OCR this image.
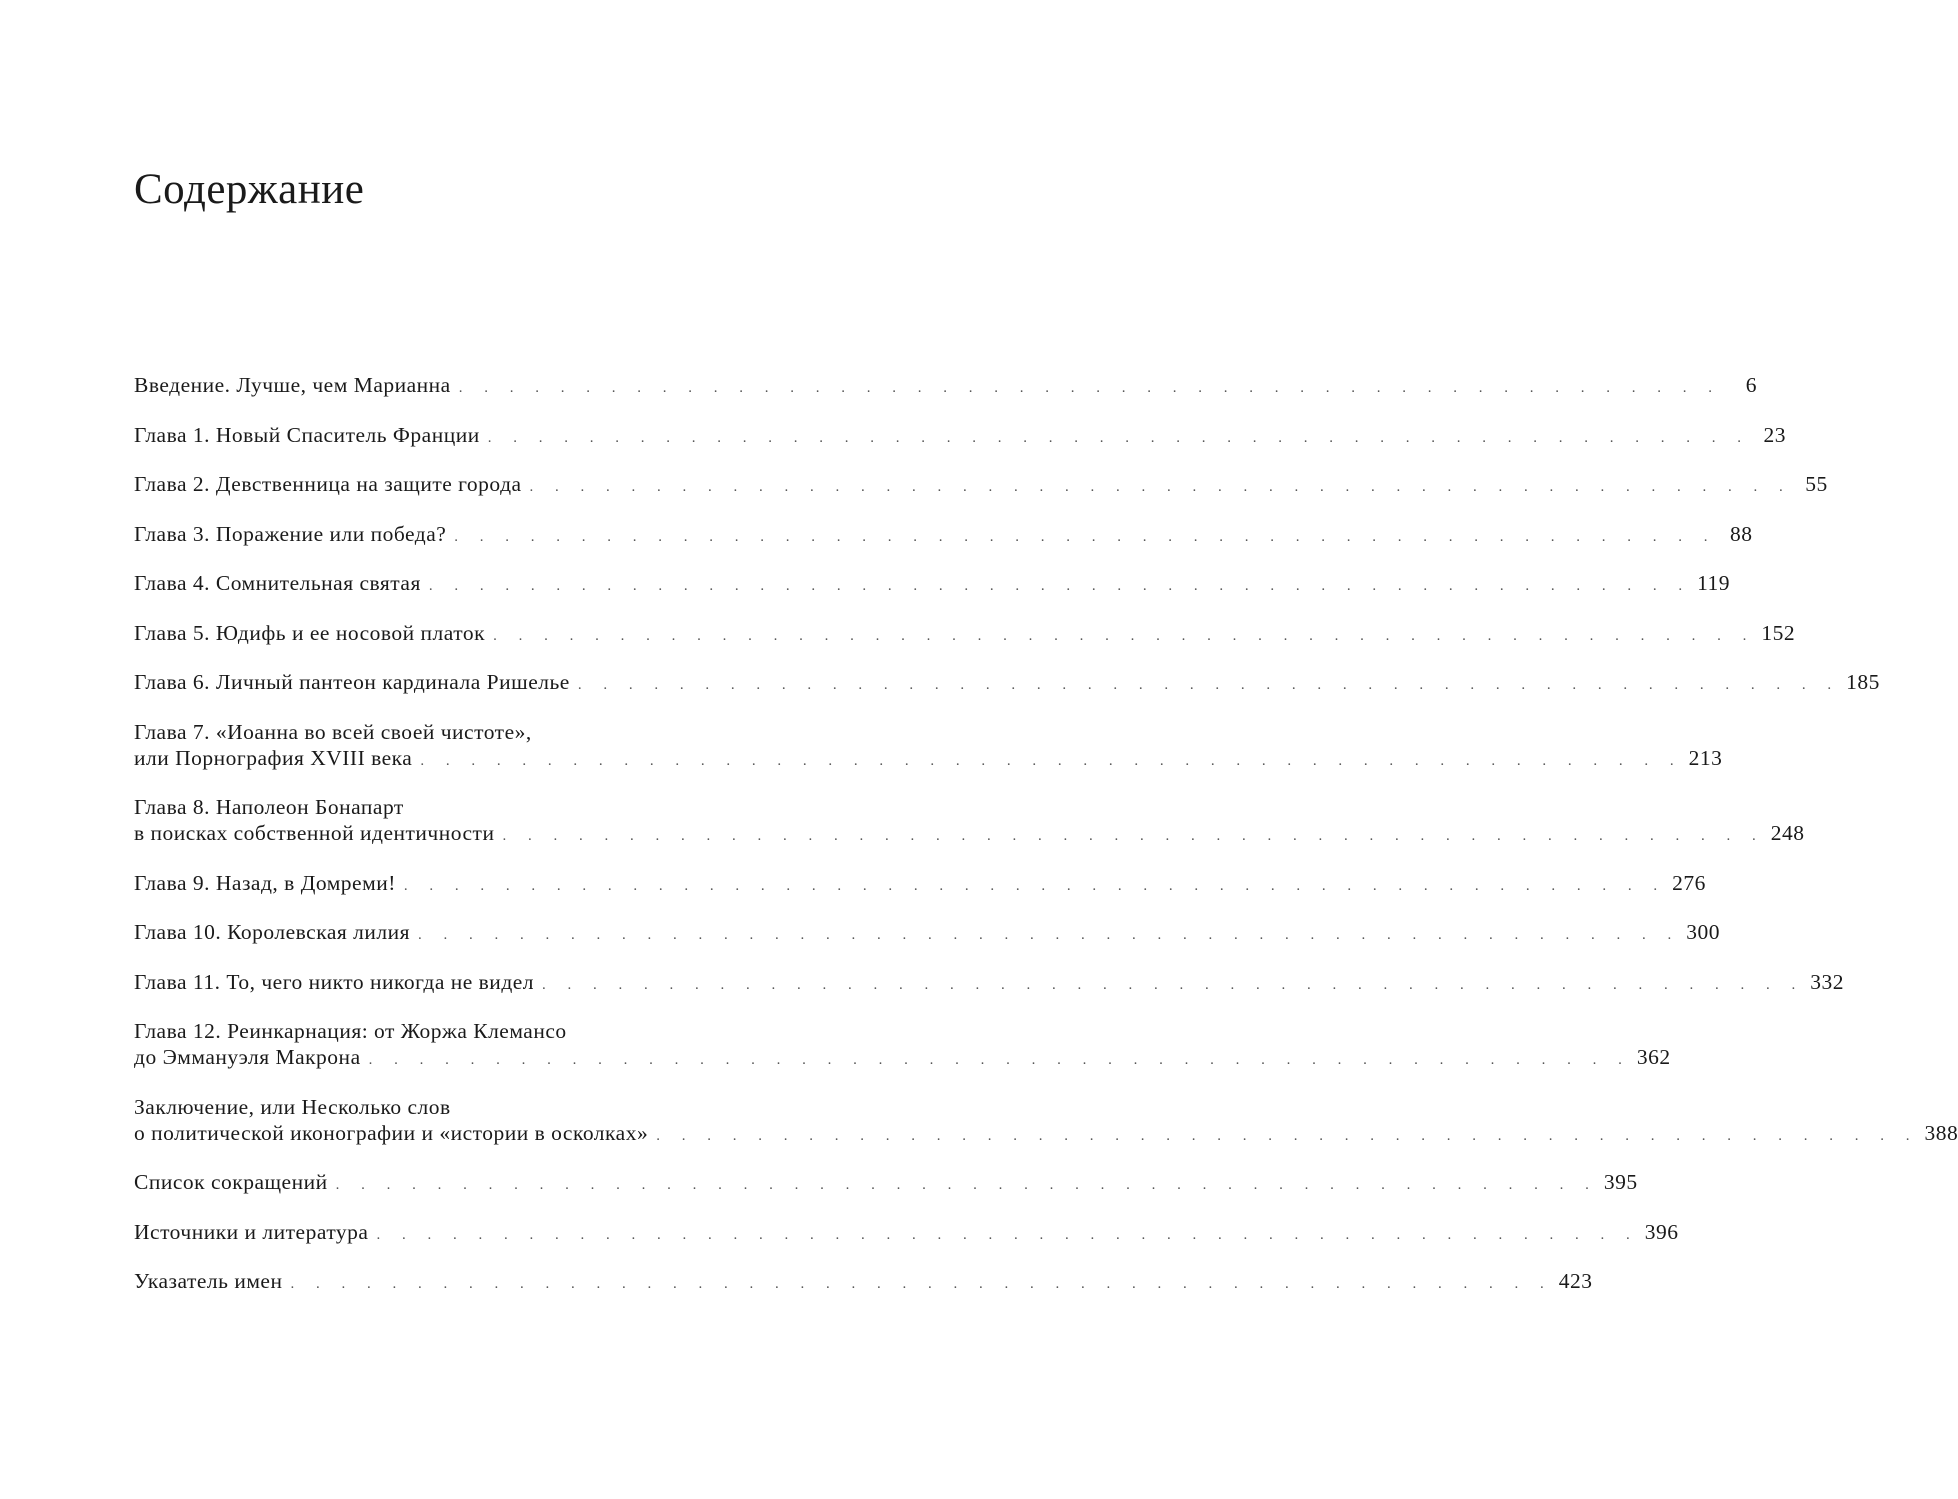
Содержание
Введение. Лучше, чем Марианна . . . . . . . . . . . . . . . . . . . . . . . . . . . . . . . . . . . . . . . . . . . . . . . . . .	6
Глава 1. Новый Спаситель Франции . . . . . . . . . . . . . . . . . . . . . . . . . . . . . . . . . . . . . . . . . . . . . . . . . . 23
Глава 2. Девственница на защите города . . . . . . . . . . . . . . . . . . . . . . . . . . . . . . . . . . . . . . . . . . . . . . . . . . 55
Глава 3. Поражение или победа? . . . . . . . . . . . . . . . . . . . . . . . . . . . . . . . . . . . . . . . . . . . . . . . . . . 88
Глава 4. Сомнительная святая . . . . . . . . . . . . . . . . . . . . . . . . . . . . . . . . . . . . . . . . . . . . . . . . . . 119
Глава 5. Юдифь и ее носовой платок . . . . . . . . . . . . . . . . . . . . . . . . . . . . . . . . . . . . . . . . . . . . . . . . . . 152
Глава 6. Личный пантеон кардинала Ришелье . . . . . . . . . . . . . . . . . . . . . . . . . . . . . . . . . . . . . . . . . . . . . . . . . . 185
Глава 7. «Иоанна во всей своей чистоте»,
или Порнография XVIII века . . . . . . . . . . . . . . . . . . . . . . . . . . . . . . . . . . . . . . . . . . . . . . . . . . 213
Глава 8. Наполеон Бонапарт
в поисках собственной идентичности . . . . . . . . . . . . . . . . . . . . . . . . . . . . . . . . . . . . . . . . . . . . . . . . . . 248
Глава 9. Назад, в Домреми! . . . . . . . . . . . . . . . . . . . . . . . . . . . . . . . . . . . . . . . . . . . . . . . . . . 276
Глава 10. Королевская лилия . . . . . . . . . . . . . . . . . . . . . . . . . . . . . . . . . . . . . . . . . . . . . . . . . . 300
Глава 11. То, чего никто никогда не видел . . . . . . . . . . . . . . . . . . . . . . . . . . . . . . . . . . . . . . . . . . . . . . . . . . 332
Глава 12. Реинкарнация: от Жоржа Клемансо
до Эммануэля Макрона . . . . . . . . . . . . . . . . . . . . . . . . . . . . . . . . . . . . . . . . . . . . . . . . . . 362
Заключение, или Несколько слов
о политической иконографии и «истории в осколках» . . . . . . . . . . . . . . . . . . . . . . . . . . . . . . . . . . . . . . . . . . . . . . . . . . 388
Список сокращений . . . . . . . . . . . . . . . . . . . . . . . . . . . . . . . . . . . . . . . . . . . . . . . . . . 395
Источники и литература . . . . . . . . . . . . . . . . . . . . . . . . . . . . . . . . . . . . . . . . . . . . . . . . . . 396
Указатель имен . . . . . . . . . . . . . . . . . . . . . . . . . . . . . . . . . . . . . . . . . . . . . . . . . . 423
